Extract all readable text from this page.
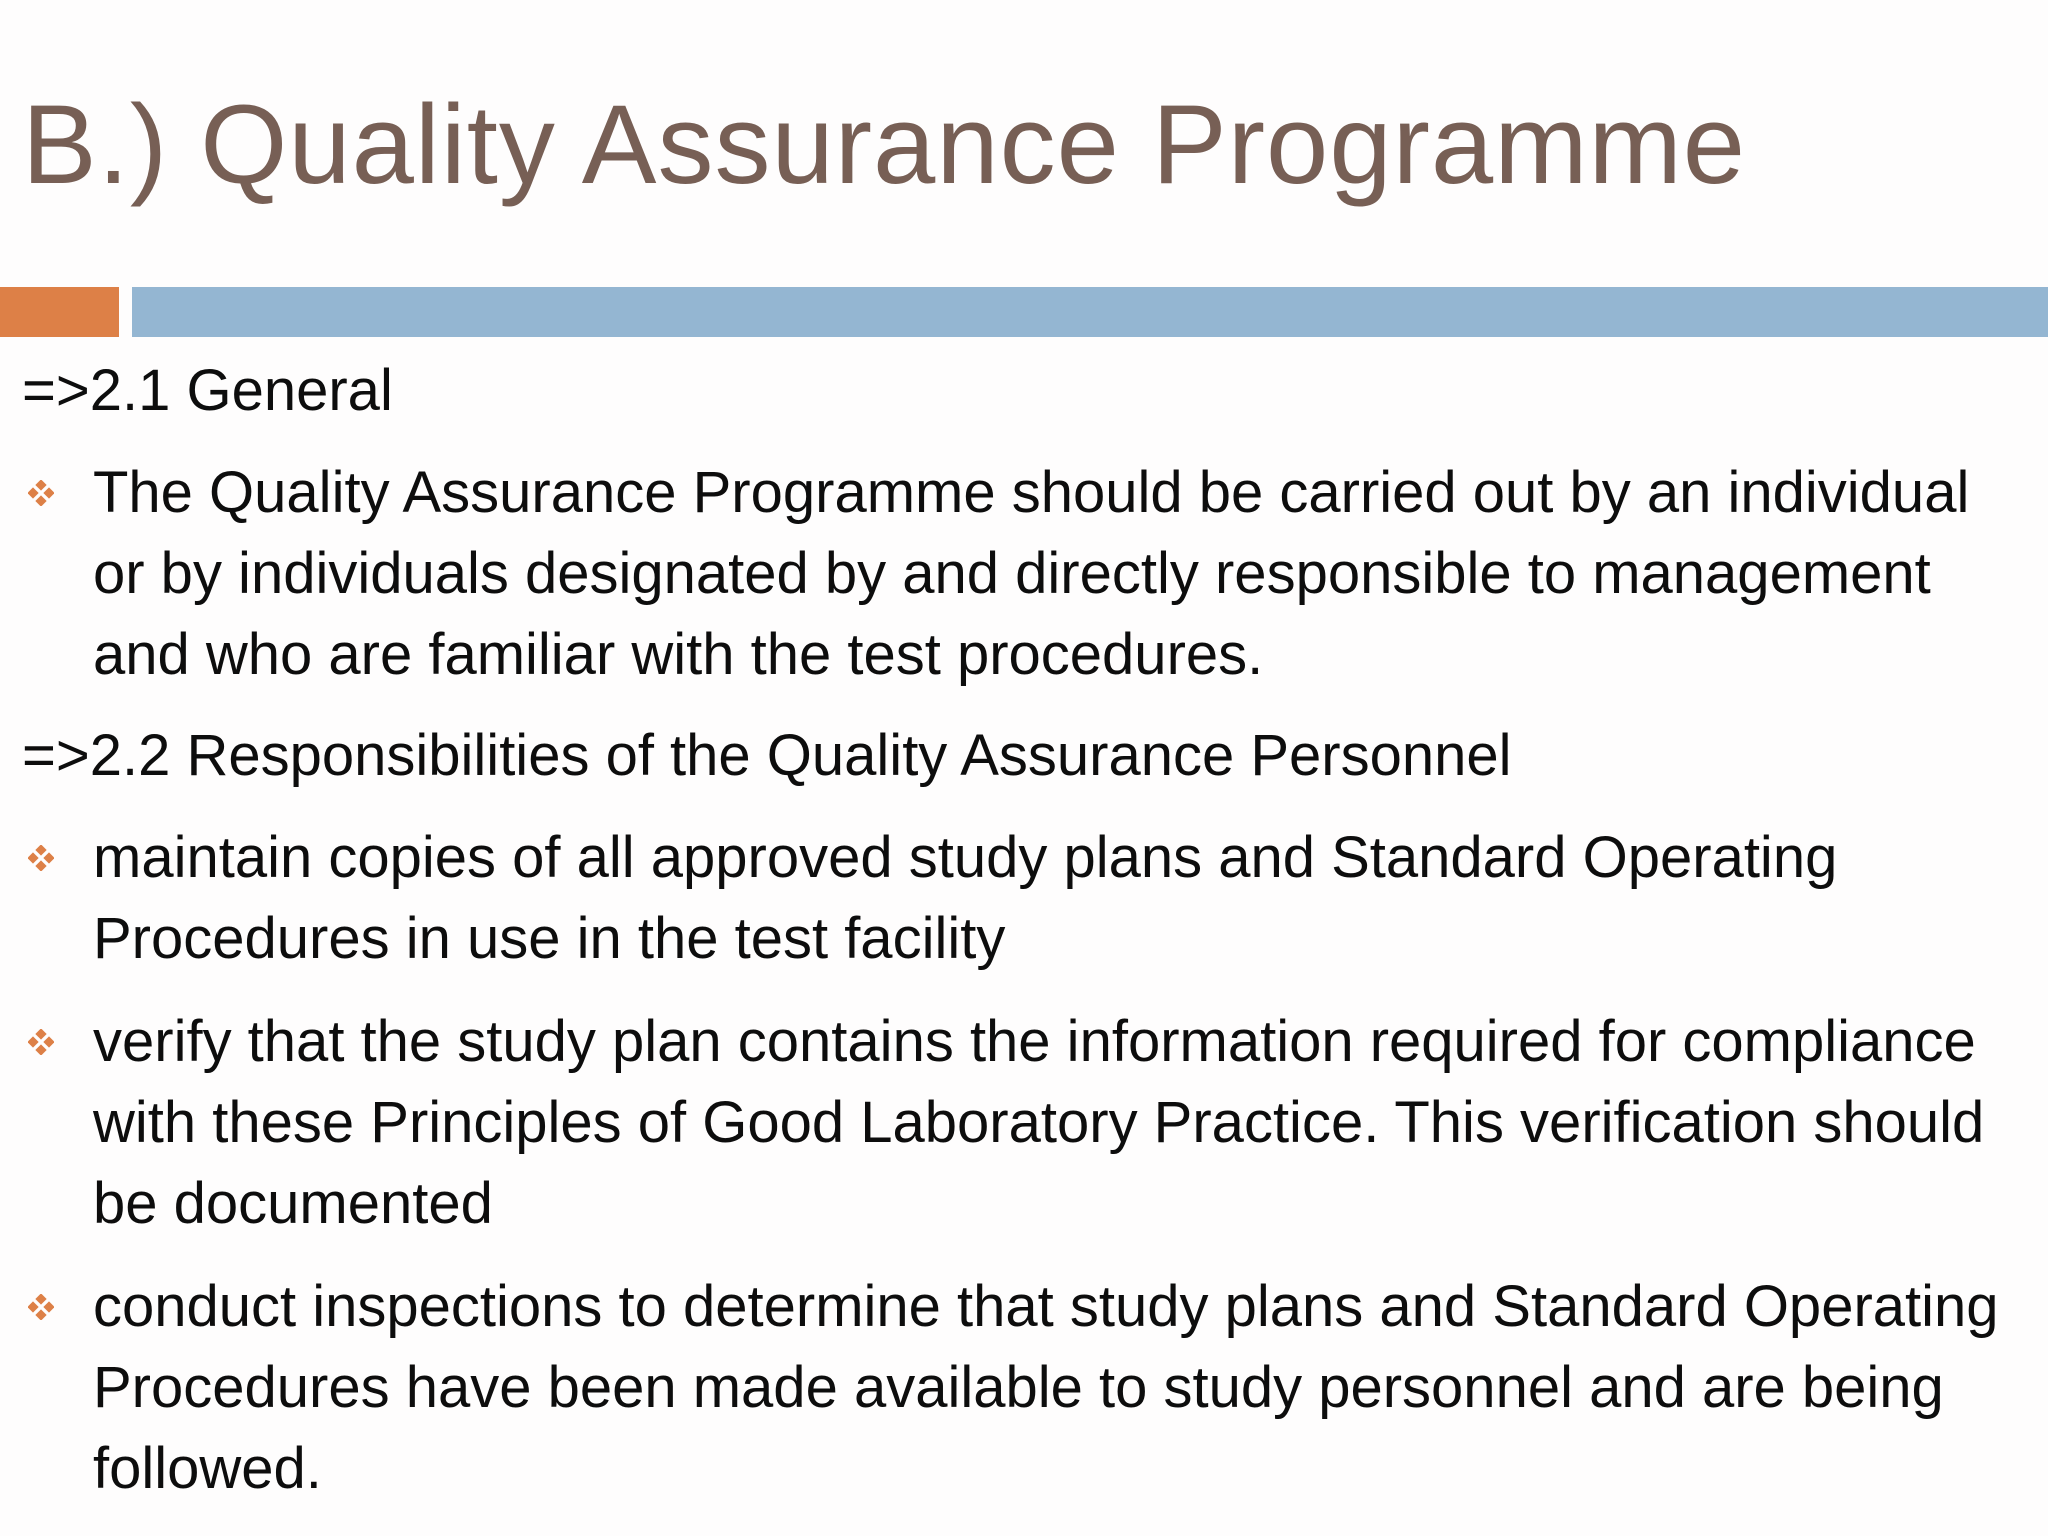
B.) Quality Assurance Programme

=>2.1 General

The Quality Assurance Programme should be carried out by an individual or by individuals designated by and directly responsible to management and who are familiar with the test procedures.

=>2.2 Responsibilities of the Quality Assurance Personnel

maintain copies of all approved study plans and Standard Operating Procedures in use in the test facility
verify that the study plan contains the information required for compliance with these Principles of Good Laboratory Practice. This verification should be documented
conduct inspections to determine that study plans and Standard Operating Procedures have been made available to study personnel and are being followed.
